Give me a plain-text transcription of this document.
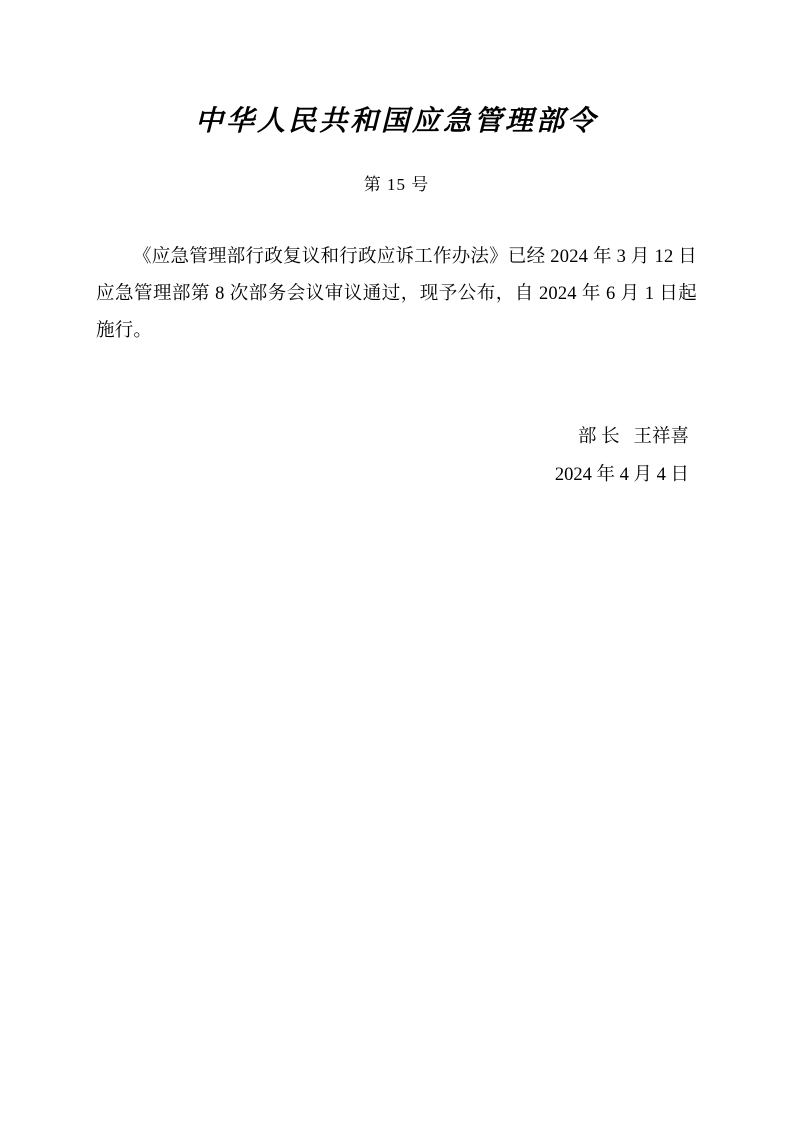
中华人民共和国应急管理部令
第 15 号
《应急管理部行政复议和行政应诉工作办法》已经 2024 年 3 月 12 日应急管理部第 8 次部务会议审议通过，现予公布，自 2024 年 6 月 1 日起施行。
部 长   王祥喜
2024 年 4 月 4 日
